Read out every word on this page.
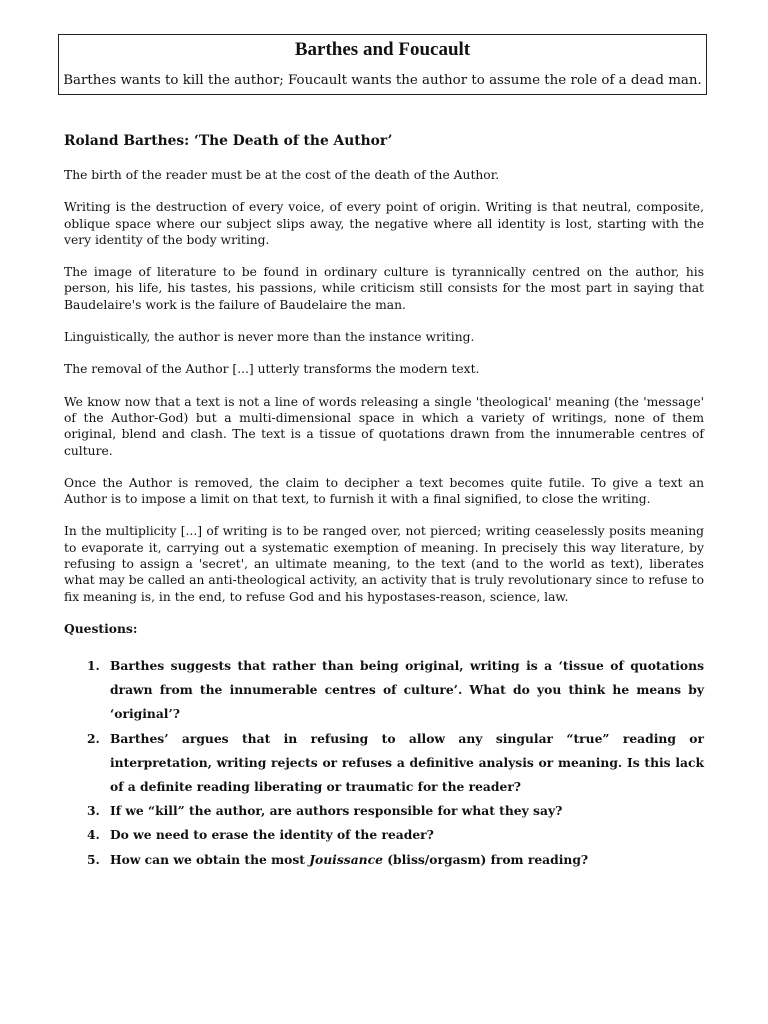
Barthes and Foucault

Barthes wants to kill the author; Foucault wants the author to assume the role of a dead man.

Roland Barthes: ‘The Death of the Author’

The birth of the reader must be at the cost of the death of the Author.

Writing is the destruction of every voice, of every point of origin. Writing is that neutral, composite, oblique space where our subject slips away, the negative where all identity is lost, starting with the very identity of the body writing.

The image of literature to be found in ordinary culture is tyrannically centred on the author, his person, his life, his tastes, his passions, while criticism still consists for the most part in saying that Baudelaire's work is the failure of Baudelaire the man.

Linguistically, the author is never more than the instance writing.

The removal of the Author [...] utterly transforms the modern text.

We know now that a text is not a line of words releasing a single 'theological' meaning (the 'message' of the Author-God) but a multi-dimensional space in which a variety of writings, none of them original, blend and clash. The text is a tissue of quotations drawn from the innumerable centres of culture.

Once the Author is removed, the claim to decipher a text becomes quite futile. To give a text an Author is to impose a limit on that text, to furnish it with a final signified, to close the writing.

In the multiplicity [...] of writing is to be ranged over, not pierced; writing ceaselessly posits meaning to evaporate it, carrying out a systematic exemption of meaning. In precisely this way literature, by refusing to assign a 'secret', an ultimate meaning, to the text (and to the world as text), liberates what may be called an anti-theological activity, an activity that is truly revolutionary since to refuse to fix meaning is, in the end, to refuse God and his hypostases-reason, science, law.

Questions:

1. Barthes suggests that rather than being original, writing is a ‘tissue of quotations drawn from the innumerable centres of culture’. What do you think he means by ‘original’?
2. Barthes’ argues that in refusing to allow any singular “true” reading or interpretation, writing rejects or refuses a definitive analysis or meaning. Is this lack of a definite reading liberating or traumatic for the reader?
3. If we “kill” the author, are authors responsible for what they say?
4. Do we need to erase the identity of the reader?
5. How can we obtain the most Jouissance (bliss/orgasm) from reading?
